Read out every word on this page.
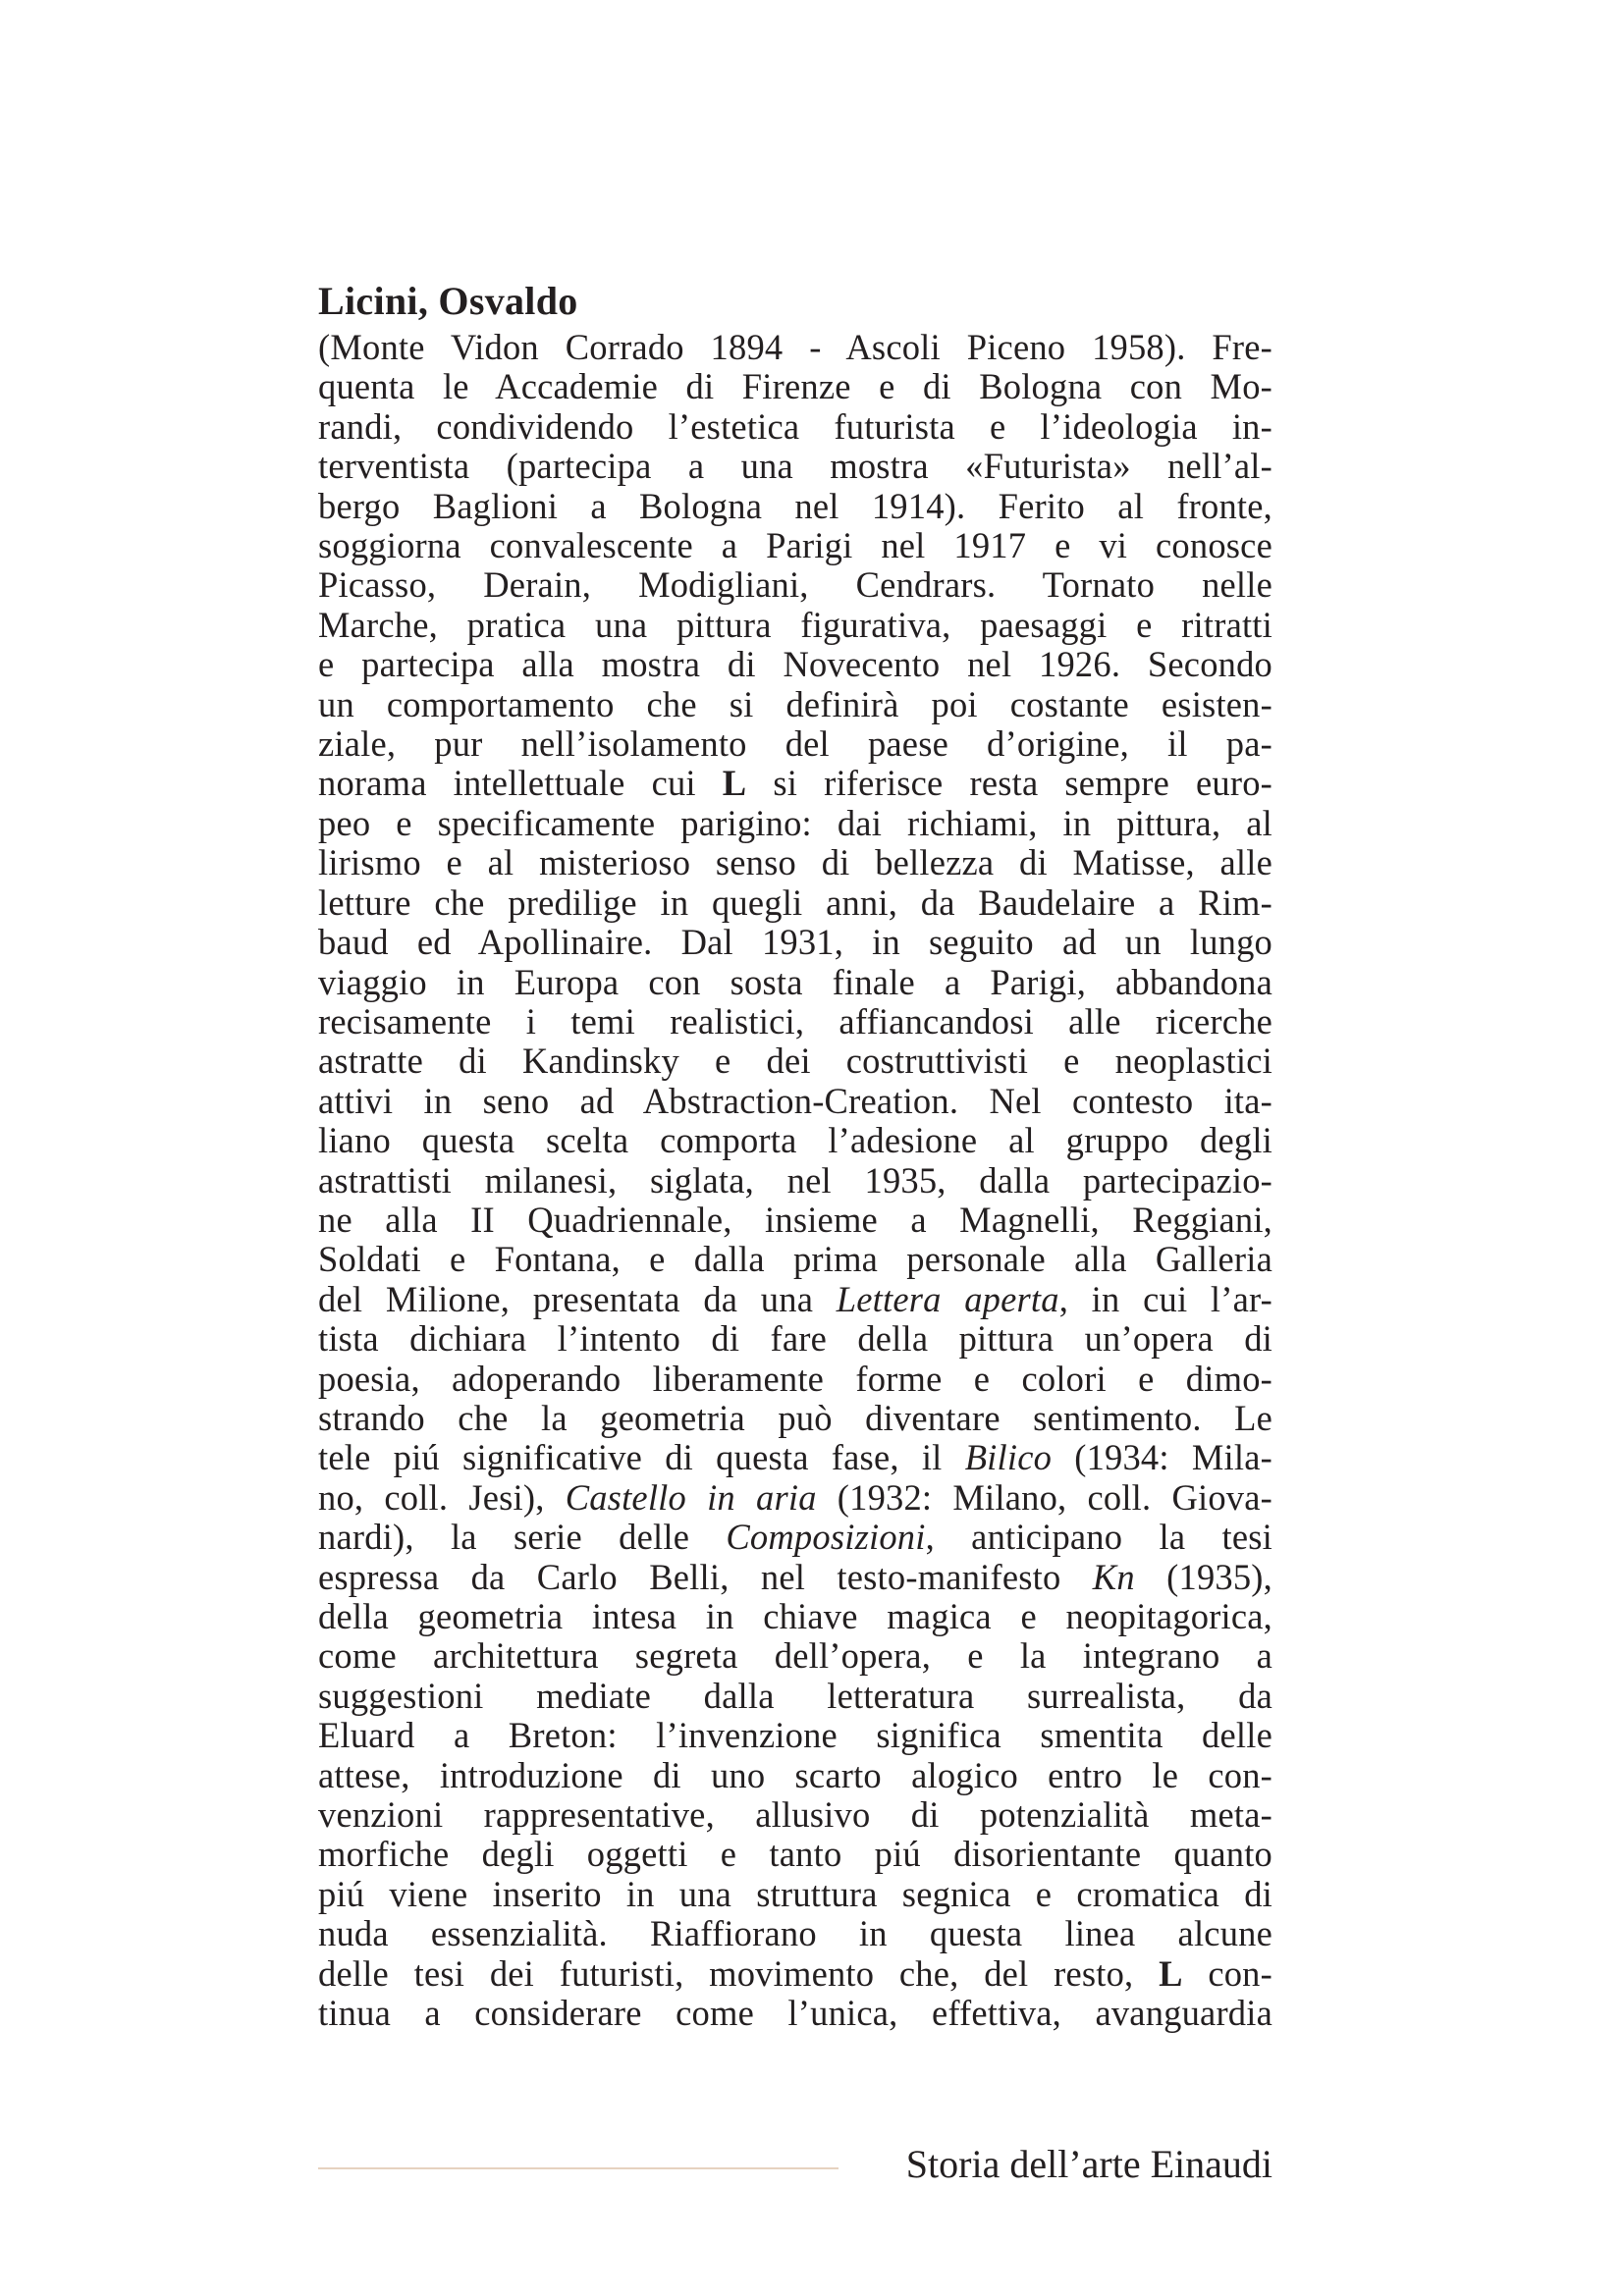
Licini, Osvaldo
(Monte Vidon Corrado 1894 - Ascoli Piceno 1958). Fre-
quenta le Accademie di Firenze e di Bologna con Mo-
randi, condividendo l’estetica futurista e l’ideologia in-
terventista (partecipa a una mostra «Futurista» nell’al-
bergo Baglioni a Bologna nel 1914). Ferito al fronte,
soggiorna convalescente a Parigi nel 1917 e vi conosce
Picasso, Derain, Modigliani, Cendrars. Tornato nelle
Marche, pratica una pittura figurativa, paesaggi e ritratti
e partecipa alla mostra di Novecento nel 1926. Secondo
un comportamento che si definirà poi costante esisten-
ziale, pur nell’isolamento del paese d’origine, il pa-
norama intellettuale cui L si riferisce resta sempre euro-
peo e specificamente parigino: dai richiami, in pittura, al
lirismo e al misterioso senso di bellezza di Matisse, alle
letture che predilige in quegli anni, da Baudelaire a Rim-
baud ed Apollinaire. Dal 1931, in seguito ad un lungo
viaggio in Europa con sosta finale a Parigi, abbandona
recisamente i temi realistici, affiancandosi alle ricerche
astratte di Kandinsky e dei costruttivisti e neoplastici
attivi in seno ad Abstraction-Creation. Nel contesto ita-
liano questa scelta comporta l’adesione al gruppo degli
astrattisti milanesi, siglata, nel 1935, dalla partecipazio-
ne alla II Quadriennale, insieme a Magnelli, Reggiani,
Soldati e Fontana, e dalla prima personale alla Galleria
del Milione, presentata da una Lettera aperta, in cui l’ar-
tista dichiara l’intento di fare della pittura un’opera di
poesia, adoperando liberamente forme e colori e dimo-
strando che la geometria può diventare sentimento. Le
tele piú significative di questa fase, il Bilico (1934: Mila-
no, coll. Jesi), Castello in aria (1932: Milano, coll. Giova-
nardi), la serie delle Composizioni, anticipano la tesi
espressa da Carlo Belli, nel testo-manifesto Kn (1935),
della geometria intesa in chiave magica e neopitagorica,
come architettura segreta dell’opera, e la integrano a
suggestioni mediate dalla letteratura surrealista, da
Eluard a Breton: l’invenzione significa smentita delle
attese, introduzione di uno scarto alogico entro le con-
venzioni rappresentative, allusivo di potenzialità meta-
morfiche degli oggetti e tanto piú disorientante quanto
piú viene inserito in una struttura segnica e cromatica di
nuda essenzialità. Riaffiorano in questa linea alcune
delle tesi dei futuristi, movimento che, del resto, L con-
tinua a considerare come l’unica, effettiva, avanguardia
Storia dell’arte Einaudi
